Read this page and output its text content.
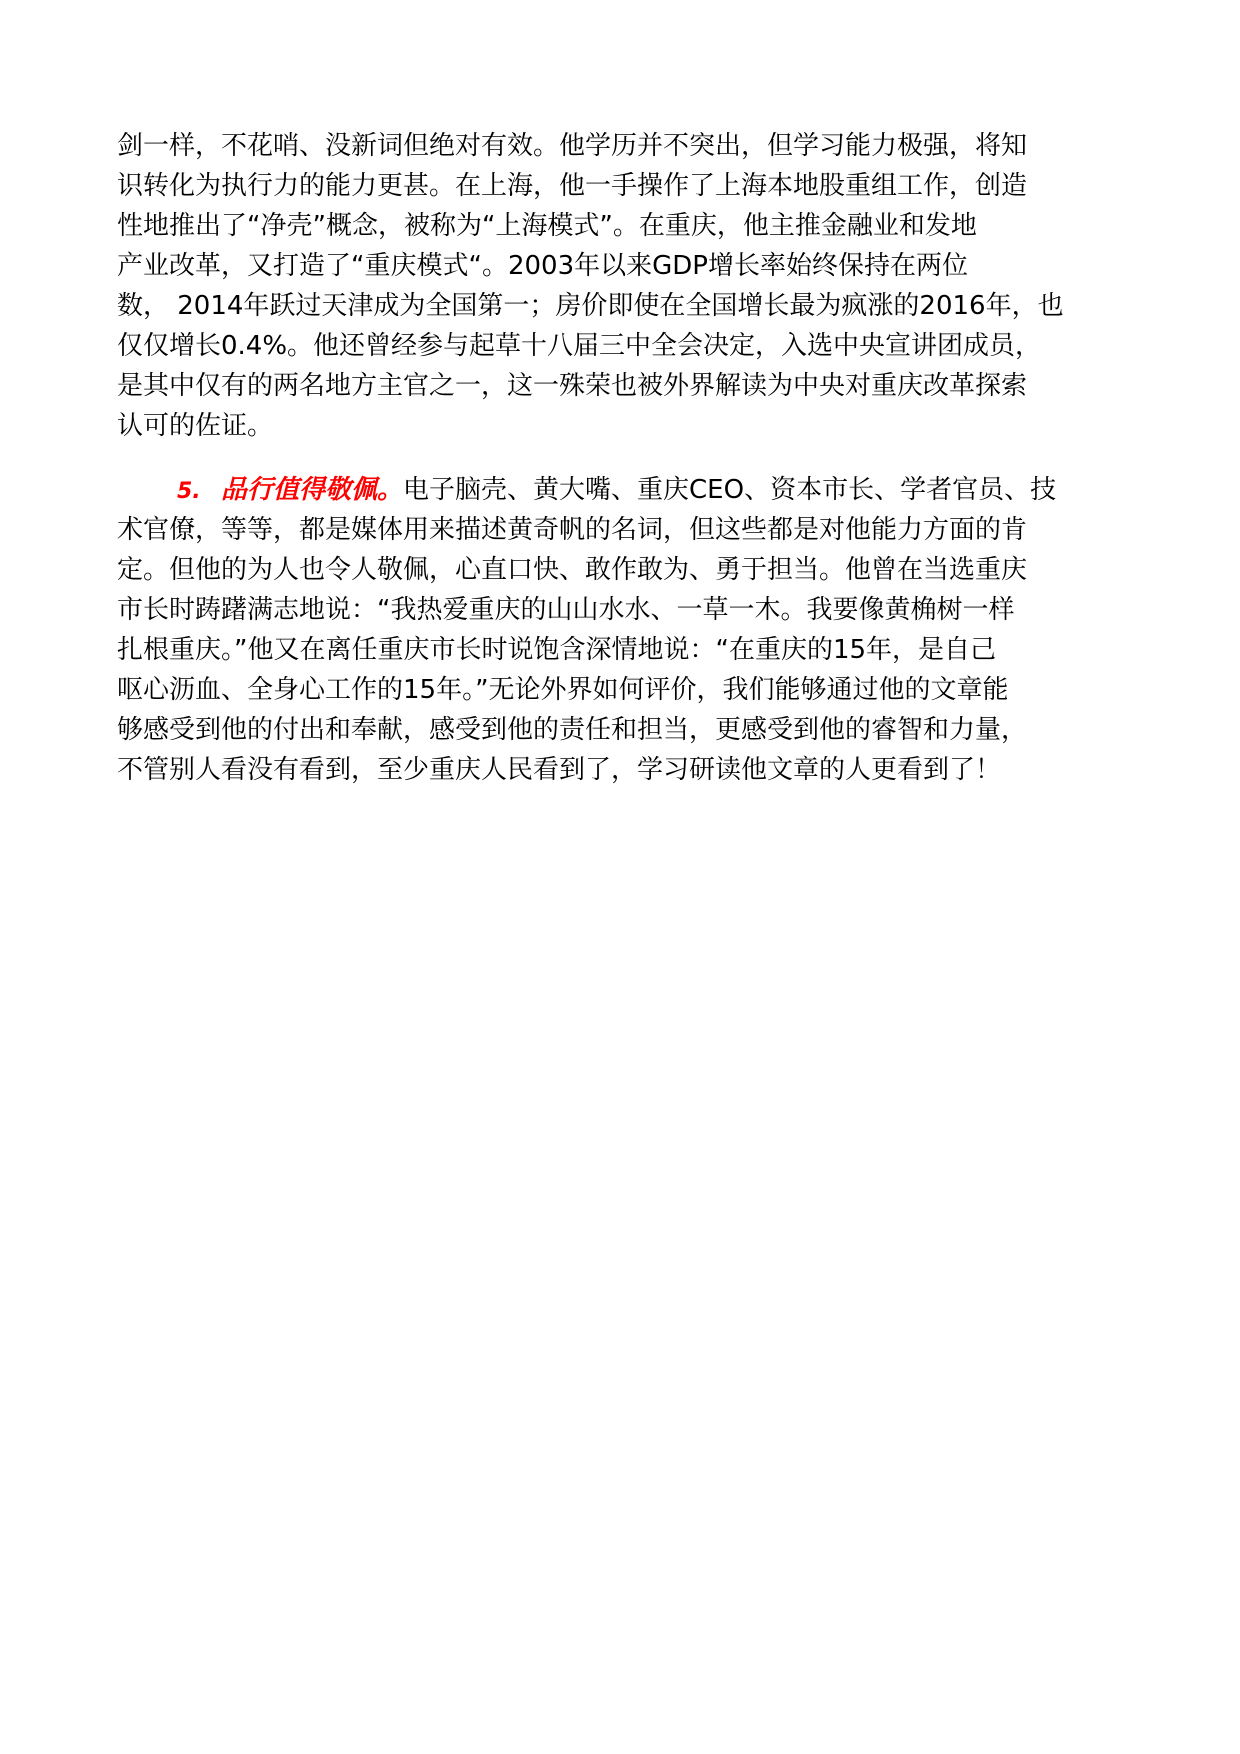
剑一样，不花哨、没新词但绝对有效。他学历并不突出，但学习能力极强，将知
识转化为执行力的能力更甚。在上海，他一手操作了上海本地股重组工作，创造
性地推出了“净壳”概念，被称为“上海模式”。在重庆，他主推金融业和发地
产业改革，又打造了“重庆模式“。2003年以来GDP增长率始终保持在两位
数， 2014年跃过天津成为全国第一；房价即使在全国增长最为疯涨的2016年，也
仅仅增长0.4%。他还曾经参与起草十八届三中全会决定，入选中央宣讲团成员，
是其中仅有的两名地方主官之一，这一殊荣也被外界解读为中央对重庆改革探索
认可的佐证。
5. 品行值得敬佩。电子脑壳、黄大嘴、重庆CEO、资本市长、学者官员、技
术官僚，等等，都是媒体用来描述黄奇帆的名词，但这些都是对他能力方面的肯
定。但他的为人也令人敬佩，心直口快、敢作敢为、勇于担当。他曾在当选重庆
市长时踌躇满志地说：“我热爱重庆的山山水水、一草一木。我要像黄桷树一样
扎根重庆。”他又在离任重庆市长时说饱含深情地说：“在重庆的15年，是自己
呕心沥血、全身心工作的15年。”无论外界如何评价，我们能够通过他的文章能
够感受到他的付出和奉献，感受到他的责任和担当，更感受到他的睿智和力量，
不管别人看没有看到，至少重庆人民看到了，学习研读他文章的人更看到了！
